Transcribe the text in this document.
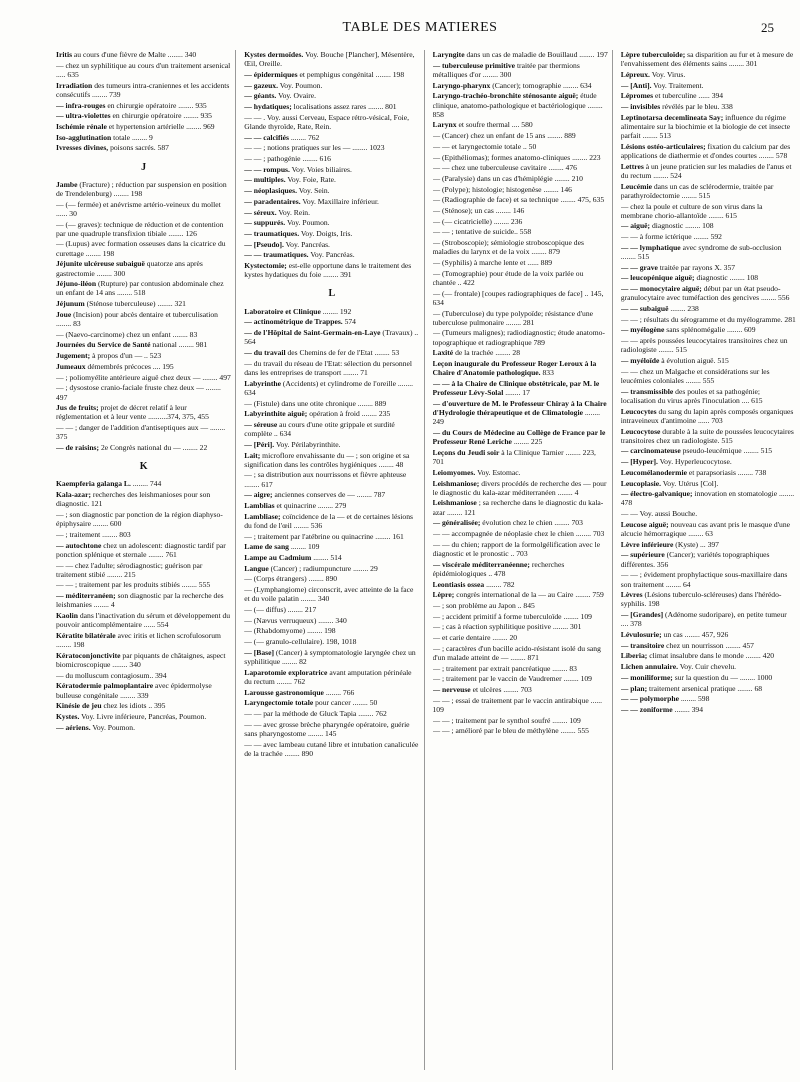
TABLE DES MATIERES	25
Iritis au cours d'une fièvre de Malte ........ 340
— chez un syphilitique au cours d'un traitement arsenical ..... 635
Irradiation des tumeurs intra-craniennes et les accidents consécutifs ........ 739
— infra-rouges en chirurgie opératoire ........ 935
— ultra-violettes en chirurgie opératoire ........ 935
Ischémie rénale et hypertension artérielle ........ 969
Iso-agglutination totale ........ 9
Ivresses divines, poisons sacrés. 587
J
Jambe (Fracture) ; réduction par suspension en position de Trendelenburg) ........ 198
— (— fermée) et anévrisme artério-veineux du mollet ...... 30
— (— graves): technique de réduction et de contention par une quadruple transfixion tibiale ........ 126
— (Lupus) avec formation osseuses dans la cicatrice du curettage ........ 198
Jéjunite ulcéreuse subaiguë quatorze ans après gastrectomie ........ 300
Jéjuno-iléon (Rupture) par contusion abdominale chez un enfant de 14 ans ........ 518
Jéjunum (Sténose tuberculeuse) ........ 321
Joue (Incision) pour abcès dentaire et tuberculisation ........ 83
— (Naevo-carcinome) chez un enfant ........ 83
Journées du Service de Santé national ........ 981
Jugement; à propos d'un — .. 523
Jumeaux démembrés précoces .... 195
— ; poliomyélite antérieure aiguë chez deux — ........ 497
— ; dysostose cranio-faciale fruste chez deux — ........ 497
Jus de fruits; projet de décret relatif à leur réglementation et à leur vente ..........374, 375, 455
— — ; danger de l'addition d'antiseptiques aux — ........ 375
— de raisins; 2e Congrès national du — ........ 22
K
Kaempferia galanga L. ........ 744
Kala-azar; recherches des leishmanioses pour son diagnostic. 121
— ; son diagnostic par ponction de la région diaphyso-épiphysaire ........ 600
— ; traitement ........ 803
— autochtone chez un adolescent: diagnostic tardif par ponction splénique et sternale ........ 761
— — chez l'adulte; sérodiagnostic; guérison par traitement stibié ........ 215
— — ; traitement par les produits stibiés ........ 555
— méditerranéen; son diagnostic par la recherche des leishmanies ........ 4
Kaolin dans l'inactivation du sérum et développement du pouvoir anticomplémentaire ...... 554
Kératite bilatérale avec iritis et lichen scrofulosorum ........ 198
Kératoconjonctivite par piquants de châtaignes, aspect biomicroscopique ........ 340
— du molluscum contagiosum.. 394
Kératodermie palmoplantaire avec épidermolyse bulleuse congénitale ........ 339
Kinésie de jeu chez les idiots .. 395
Kystes. Voy. Livre inférieure, Pancréas, Poumon.
— aériens. Voy. Poumon.
Kystes dermoïdes. Voy. Bouche [Plancher], Mésentère, Œil, Oreille.
— épidermiques et pemphigus congénital ........ 198
— gazeux. Voy. Poumon.
— géants. Voy. Ovaire.
— hydatiques; localisations assez rares ........ 801
— — . Voy. aussi Cerveau, Espace rétro-vésical, Foie, Glande thyroïde, Rate, Rein.
— — calcifiés ........ 762
— — ; notions pratiques sur les — ........ 1023
— — ; pathogénie ........ 616
— — rompus. Voy. Voies biliaires.
— multiples. Voy. Foie, Rate.
— néoplasiques. Voy. Sein.
— paradentaires. Voy. Maxillaire inférieur.
— séreux. Voy. Rein.
— suppurés. Voy. Poumon.
— traumatiques. Voy. Doigts, Iris.
— [Pseudo]. Voy. Pancréas.
— — traumatiques. Voy. Pancréas.
Kystectomie; est-elle opportune dans le traitement des kystes hydatiques du foie ........ 391
L
Laboratoire et Clinique ........ 192
— actinométrique de Trappes. 574
— de l'Hôpital de Saint-Germain-en-Laye (Travaux) .. 564
— du travail des Chemins de fer de l'Etat ........ 53
— du travail du réseau de l'Etat: sélection du personnel dans les entreprises de transport ........ 71
Labyrinthe (Accidents) et cylindrome de l'oreille ........ 634
— (Fistule) dans une otite chronique ........ 889
Labyrinthite aiguë; opération à froid ........ 235
— séreuse au cours d'une otite grippale et surdité complète .. 634
— [Péri]. Voy. Périlabyrinthite.
Lait; microflore envahissante du — ; son origine et sa signification dans les contrôles hygiéniques ........ 48
— ; sa distribution aux nourrissons et fièvre aphteuse ........ 617
— aigre; anciennes conserves de — ........ 787
Lamblias et quinacrine ........ 279
Lambliase; coïncidence de la — et de certaines lésions du fond de l'œil ........ 536
— ; traitement par l'atébrine ou quinacrine ........ 161
Lame de sang ........ 109
Lampe au Cadmium ........ 514
Langue (Cancer) ; radiumpuncture ........ 29
— (Corps étrangers) ........ 890
— (Lymphangiome) circonscrit, avec atteinte de la face et du voile palatin ........ 340
— (— diffus) ........ 217
— (Nævus verruqueux) ........ 340
— (Rhabdomyome) ........ 198
— (— granulo-cellulaire). 198, 1018
— [Base] (Cancer) à symptomatologie laryngée chez un syphilitique ........ 82
Laparotomie exploratrice avant amputation périnéale du rectum ........ 762
Larousse gastronomique ........ 766
Laryngectomie totale pour cancer ........ 50
— — par la méthode de Gluck Tapia ........ 762
— — avec grosse brèche pharyngée opératoire, guérie sans pharyngostome ........ 145
— — avec lambeau cutané libre et intubation canaliculée de la trachée ........ 890
Laryngite dans un cas de maladie de Bouillaud ........ 197
— tuberculeuse primitive traitée par thermions métalliques d'or ........ 300
Laryngo-pharynx (Cancer); tomographie ........ 634
Laryngo-trachéo-bronchite sténosante aiguë; étude clinique, anatomo-pathologique et bactériologique ........ 858
Larynx et soufre thermal .... 580
— (Cancer) chez un enfant de 15 ans ........ 889
— — et laryngectomie totale .. 50
— (Epithéliomas); formes anatomo-cliniques ........ 223
— — chez une tuberculeuse cavitaire ........ 476
— (Paralysie) dans un cas d'hémiplégie ........ 210
— (Polype); histologie; histogenèse ........ 146
— (Radiographie de face) et sa technique ........ 475, 635
— (Sténose); un cas ........ 146
— (— cicatricielle) ........ 236
— — ; tentative de suicide.. 558
— (Stroboscopie); sémiologie stroboscopique des maladies du larynx et de la voix ........ 879
— (Syphilis) à marche lente et ...... 889
— (Tomographie) pour étude de la voix parlée ou chantée .. 422
— (— frontale) [coupes radiographiques de face] .. 145, 634
— (Tuberculose) du type polypoïde; résistance d'une tuberculose pulmonaire ........ 281
— (Tumeurs malignes); radiodiagnostic; étude anatomo-topographique et radiographique 789
Laxité de la trachée ........ 28
Leçon inaugurale du Professeur Roger Leroux à la Chaire d'Anatomie pathologique. 833
— — à la Chaire de Clinique obstétricale, par M. le Professeur Lévy-Solal ........ 17
— d'ouverture de M. le Professeur Chiray à la Chaire d'Hydrologie thérapeutique et de Climatologie ........ 249
— du Cours de Médecine au Collège de France par le Professeur René Leriche ........ 225
Leçons du Jeudi soir à la Clinique Tarnier ........ 223, 701
Leiomyomes. Voy. Estomac.
Leishmaniose; divers procédés de recherche des — pour le diagnostic du kala-azar méditerranéen ........ 4
Leishmaniose ; sa recherche dans le diagnostic du kala-azar ........ 121
— généralisée; évolution chez le chien ........ 703
— — accompagnée de néoplasie chez le chien ........ 703
— — du chien; rapport de la formolgélification avec le diagnostic et le pronostic .. 703
— viscérale méditerranéenne; recherches épidémiologiques .. 478
Leontiasis ossea ........ 782
Lèpre; congrès international de la — au Caire ........ 759
— ; son problème au Japon .. 845
— ; accident primitif à forme tuberculoïde ........ 109
— ; cas à réaction syphilitique positive ........ 301
— et carie dentaire ........ 20
— ; caractères d'un bacille acido-résistant isolé du sang d'un malade atteint de — ........ 871
— ; traitement par extrait pancréatique ........ 83
— ; traitement par le vaccin de Vaudremer ........ 109
— nerveuse et ulcères ........ 703
— — ; essai de traitement par le vaccin antirabique ...... 109
— — ; traitement par le synthol soufré ........ 109
— — ; amélioré par le bleu de méthylène ........ 555
Lèpre tuberculoïde; sa disparition au fur et à mesure de l'envahissement des éléments sains ........ 301
Lépreux. Voy. Virus.
— [Anti]. Voy. Traitement.
Lépromes et tuberculine ...... 394
— invisibles révélés par le bleu. 338
Leptinotarsa decemlineata Say; influence du régime alimentaire sur la biochimie et la biologie de cet insecte parfait ........ 513
Lésions ostéo-articulaires; fixation du calcium par des applications de diathermie et d'ondes courtes ........ 578
Lettres à un jeune praticien sur les maladies de l'anus et du rectum ........ 524
Leucémie dans un cas de sclérodermie, traitée par parathyroïdectomie ........ 515
— chez la poule et culture de son virus dans la membrane chorio-allantoïde ........ 615
— aiguë; diagnostic ........ 108
— — à forme ictérique ........ 592
— — lymphatique avec syndrome de sub-occlusion ........ 515
— — grave traitée par rayons X. 357
— leucopénique aiguë; diagnostic ........ 108
— — monocytaire aiguë; début par un état pseudo-granulocytaire avec tuméfaction des gencives ........ 556
— — subaiguë ........ 238
— — ; résultats du sérogramme et du myélogramme. 281
— myélogène sans splénomégalie ........ 609
— — après poussées leucocytaires transitoires chez un radiologiste ........ 515
— myéloïde à évolution aiguë. 515
— — chez un Malgache et considérations sur les leucémies coloniales ........ 555
— transmissible des poules et sa pathogénie; localisation du virus après l'inoculation .... 615
Leucocytes du sang du lapin après composés organiques intraveineux d'antimoine ...... 703
Leucocytose durable à la suite de poussées leucocytaires transitoires chez un radiologiste. 515
— carcinomateuse pseudo-leucémique ........ 515
— [Hyper]. Voy. Hyperleucocytose.
Leucomélanodermie et parapsoriasis ........ 738
Leucoplasie. Voy. Utérus [Col].
— électro-galvanique; innovation en stomatologie ........ 478
— — Voy. aussi Bouche.
Leucose aiguë; nouveau cas avant pris le masque d'une alcucie hémorragique ........ 63
Lèvre inférieure (Kyste) ... 397
— supérieure (Cancer); variétés topographiques différentes. 356
— — ; évidement prophylactique sous-maxillaire dans son traitement ........ 64
Lèvres (Lésions tuberculo-scléreuses) dans l'hérédo-syphilis. 198
— [Grandes] (Adénome sudoripare), en petite tumeur .... 378
Lévulosurie; un cas ........ 457, 926
— transitoire chez un nourrisson ........ 457
Liberia; climat insalubre dans le monde ........ 420
Lichen annulaire. Voy. Cuir chevelu.
— moniliforme; sur la question du — ........ 1000
— plan; traitement arsenical pratique ........ 68
— — polymorphe ........ 598
— — zoniforme ........ 394
